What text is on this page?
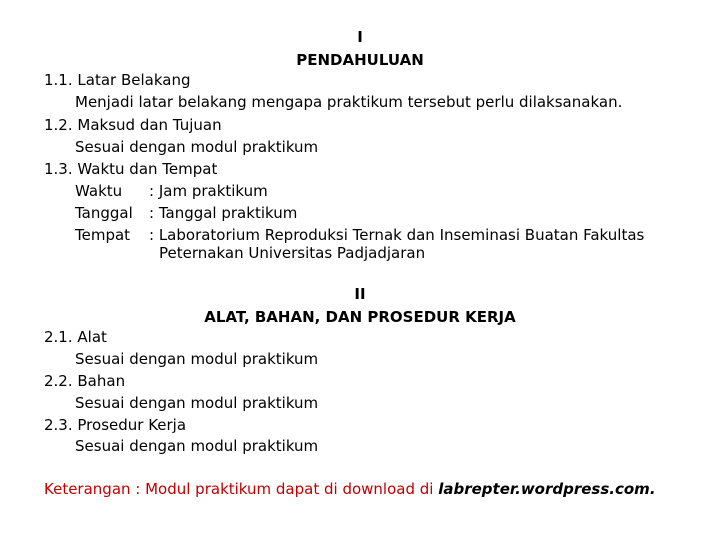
I
PENDAHULUAN
1.1. Latar Belakang
Menjadi latar belakang mengapa praktikum tersebut perlu dilaksanakan.
1.2. Maksud dan Tujuan
Sesuai dengan modul praktikum
1.3. Waktu dan Tempat
Waktu : Jam praktikum
Tanggal : Tanggal praktikum
Tempat : Laboratorium Reproduksi Ternak dan Inseminasi Buatan Fakultas
Peternakan Universitas Padjadjaran
II
ALAT, BAHAN, DAN PROSEDUR KERJA
2.1. Alat
Sesuai dengan modul praktikum
2.2. Bahan
Sesuai dengan modul praktikum
2.3. Prosedur Kerja
Sesuai dengan modul praktikum
Keterangan : Modul praktikum dapat di download di labrepter.wordpress.com.
